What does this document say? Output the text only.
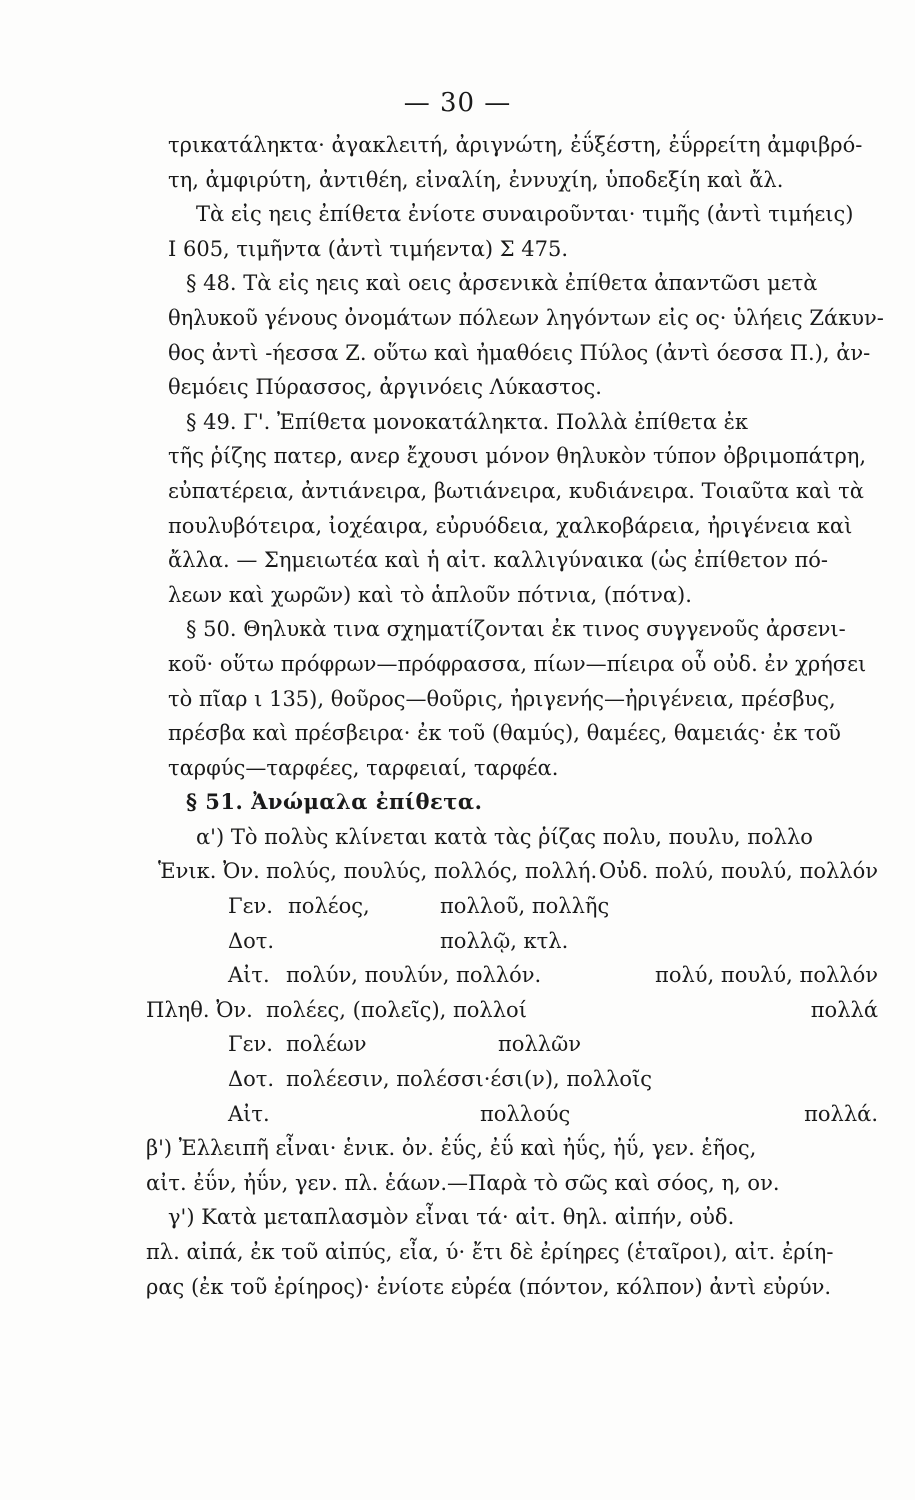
— 30 —
τρικατάληκτα· ἀγακλειτή, ἀριγνώτη, ἐΰξέστη, ἐΰρρείτη ἀμφιβρό-
τη, ἀμφιρύτη, ἀντιθέη, εἰναλίη, ἐννυχίη, ὑποδεξίη καὶ ἄλ.
Τὰ εἰς ηεις ἐπίθετα ἐνίοτε συναιροῦνται· τιμῆς (ἀντὶ τιμήεις)
Ι 605, τιμῆντα (ἀντὶ τιμήεντα) Σ 475.
§ 48. Τὰ εἰς ηεις καὶ οεις ἀρσενικὰ ἐπίθετα ἀπαντῶσι μετὰ
θηλυκοῦ γένους ὀνομάτων πόλεων ληγόντων εἰς ος· ὑλήεις Ζάκυν-
θος ἀντὶ -ήεσσα Ζ. οὕτω καὶ ἠμαθόεις Πύλος (ἀντὶ όεσσα Π.), ἀν-
θεμόεις Πύρασσος, ἀργινόεις Λύκαστος.
§ 49. Γ'. Ἐπίθετα μονοκατάληκτα. Πολλὰ ἐπίθετα ἐκ
τῆς ῥίζης πατερ, ανερ ἔχουσι μόνον θηλυκὸν τύπον ὀβριμοπάτρη,
εὐπατέρεια, ἀντιάνειρα, βωτιάνειρα, κυδιάνειρα. Τοιαῦτα καὶ τὰ
πουλυβότειρα, ἰοχέαιρα, εὐρυόδεια, χαλκοβάρεια, ἠριγένεια καὶ
ἄλλα. — Σημειωτέα καὶ ἡ αἰτ. καλλιγύναικα (ὡς ἐπίθετον πό-
λεων καὶ χωρῶν) καὶ τὸ ἁπλοῦν πότνια, (πότνα).
§ 50. Θηλυκὰ τινα σχηματίζονται ἐκ τινος συγγενοῦς ἀρσενι-
κοῦ· οὕτω πρόφρων—πρόφρασσα, πίων—πίειρα οὗ οὐδ. ἐν χρήσει
τὸ πῖαρ ι 135), θοῦρος—θοῦρις, ἠριγενής—ἠριγένεια, πρέσβυς,
πρέσβα καὶ πρέσβειρα· ἐκ τοῦ (θαμύς), θαμέες, θαμειάς· ἐκ τοῦ
ταρφύς—ταρφέες, ταρφειαί, ταρφέα.
§ 51. Ἀνώμαλα ἐπίθετα.
α') Τὸ πολὺς κλίνεται κατὰ τὰς ῥίζας πολυ, πουλυ, πολλο
Ἑνικ. Ὀν. πολύς, πουλύς, πολλός, πολλή. Οὐδ. πολύ, πουλύ, πολλόν
Γεν. πολέος,	πολλοῦ, πολλῆς
Δοτ.	πολλῷ, κτλ.
Αἰτ. πολύν, πουλύν, πολλόν.	πολύ, πουλύ, πολλόν
Πληθ. Ὀν. πολέες, (πολεῖς), πολλοί	πολλά
Γεν. πολέων	πολλῶν
Δοτ. πολέεσιν, πολέσσι·έσι(ν), πολλοῖς
Αἰτ.	πολλούς	πολλά.
β') Ἐλλειπῆ εἶναι· ἑνικ. ὀν. ἐΰς, ἐΰ καὶ ἠΰς, ἠΰ, γεν. ἑῆος,
αἰτ. ἐΰν, ἠΰν, γεν. πλ. ἑάων.—Παρὰ τὸ σῶς καὶ σόος, η, ον.
γ') Κατὰ μεταπλασμὸν εἶναι τά· αἰτ. θηλ. αἰπήν, οὐδ.
πλ. αἰπά, ἐκ τοῦ αἰπύς, εἶα, ύ· ἔτι δὲ ἐρίηρες (ἑταῖροι), αἰτ. ἐρίη-
ρας (ἐκ τοῦ ἐρίηρος)· ἐνίοτε εὐρέα (πόντον, κόλπον) ἀντὶ εὐρύν.
